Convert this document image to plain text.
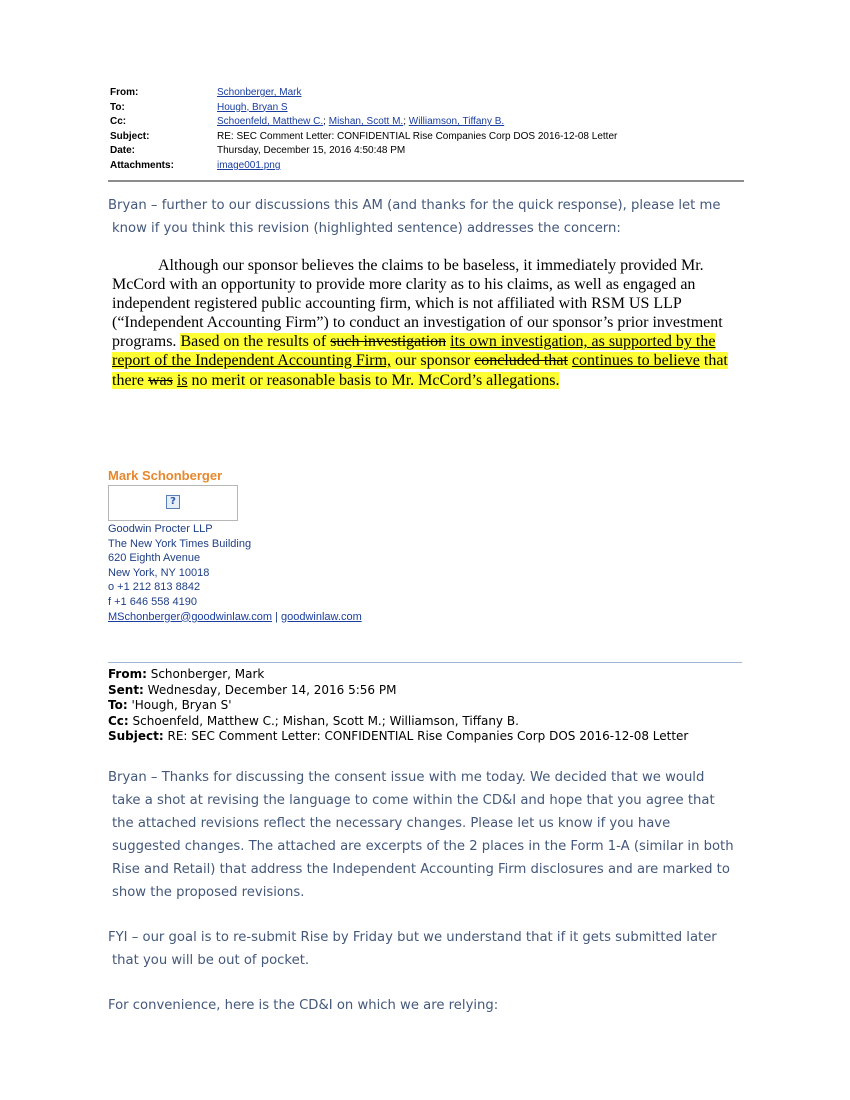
From:	Schonberger, Mark
To:	Hough, Bryan S
Cc:	Schoenfeld, Matthew C.; Mishan, Scott M.; Williamson, Tiffany B.
Subject:	RE: SEC Comment Letter: CONFIDENTIAL Rise Companies Corp DOS 2016-12-08 Letter
Date:	Thursday, December 15, 2016 4:50:48 PM
Attachments:	image001.png
Bryan – further to our discussions this AM (and thanks for the quick response), please let me

know if you think this revision (highlighted sentence) addresses the concern:
Although our sponsor believes the claims to be baseless, it immediately provided Mr. McCord with an opportunity to provide more clarity as to his claims, as well as engaged an independent registered public accounting firm, which is not affiliated with RSM US LLP (“Independent Accounting Firm”) to conduct an investigation of our sponsor’s prior investment programs. Based on the results of such investigation its own investigation, as supported by the report of the Independent Accounting Firm, our sponsor concluded that continues to believe that there was is no merit or reasonable basis to Mr. McCord’s allegations.
Mark Schonberger
?
Goodwin Procter LLP
The New York Times Building
620 Eighth Avenue
New York, NY 10018
o +1 212 813 8842
f +1 646 558 4190
MSchonberger@goodwinlaw.com | goodwinlaw.com
From: Schonberger, Mark
Sent: Wednesday, December 14, 2016 5:56 PM
To: 'Hough, Bryan S'
Cc: Schoenfeld, Matthew C.; Mishan, Scott M.; Williamson, Tiffany B.
Subject: RE: SEC Comment Letter: CONFIDENTIAL Rise Companies Corp DOS 2016-12-08 Letter
Bryan – Thanks for discussing the consent issue with me today. We decided that we would
take a shot at revising the language to come within the CD&I and hope that you agree that
the attached revisions reflect the necessary changes. Please let us know if you have
suggested changes. The attached are excerpts of the 2 places in the Form 1-A (similar in both
Rise and Retail) that address the Independent Accounting Firm disclosures and are marked to
show the proposed revisions.
FYI – our goal is to re-submit Rise by Friday but we understand that if it gets submitted later
that you will be out of pocket.
For convenience, here is the CD&I on which we are relying:
